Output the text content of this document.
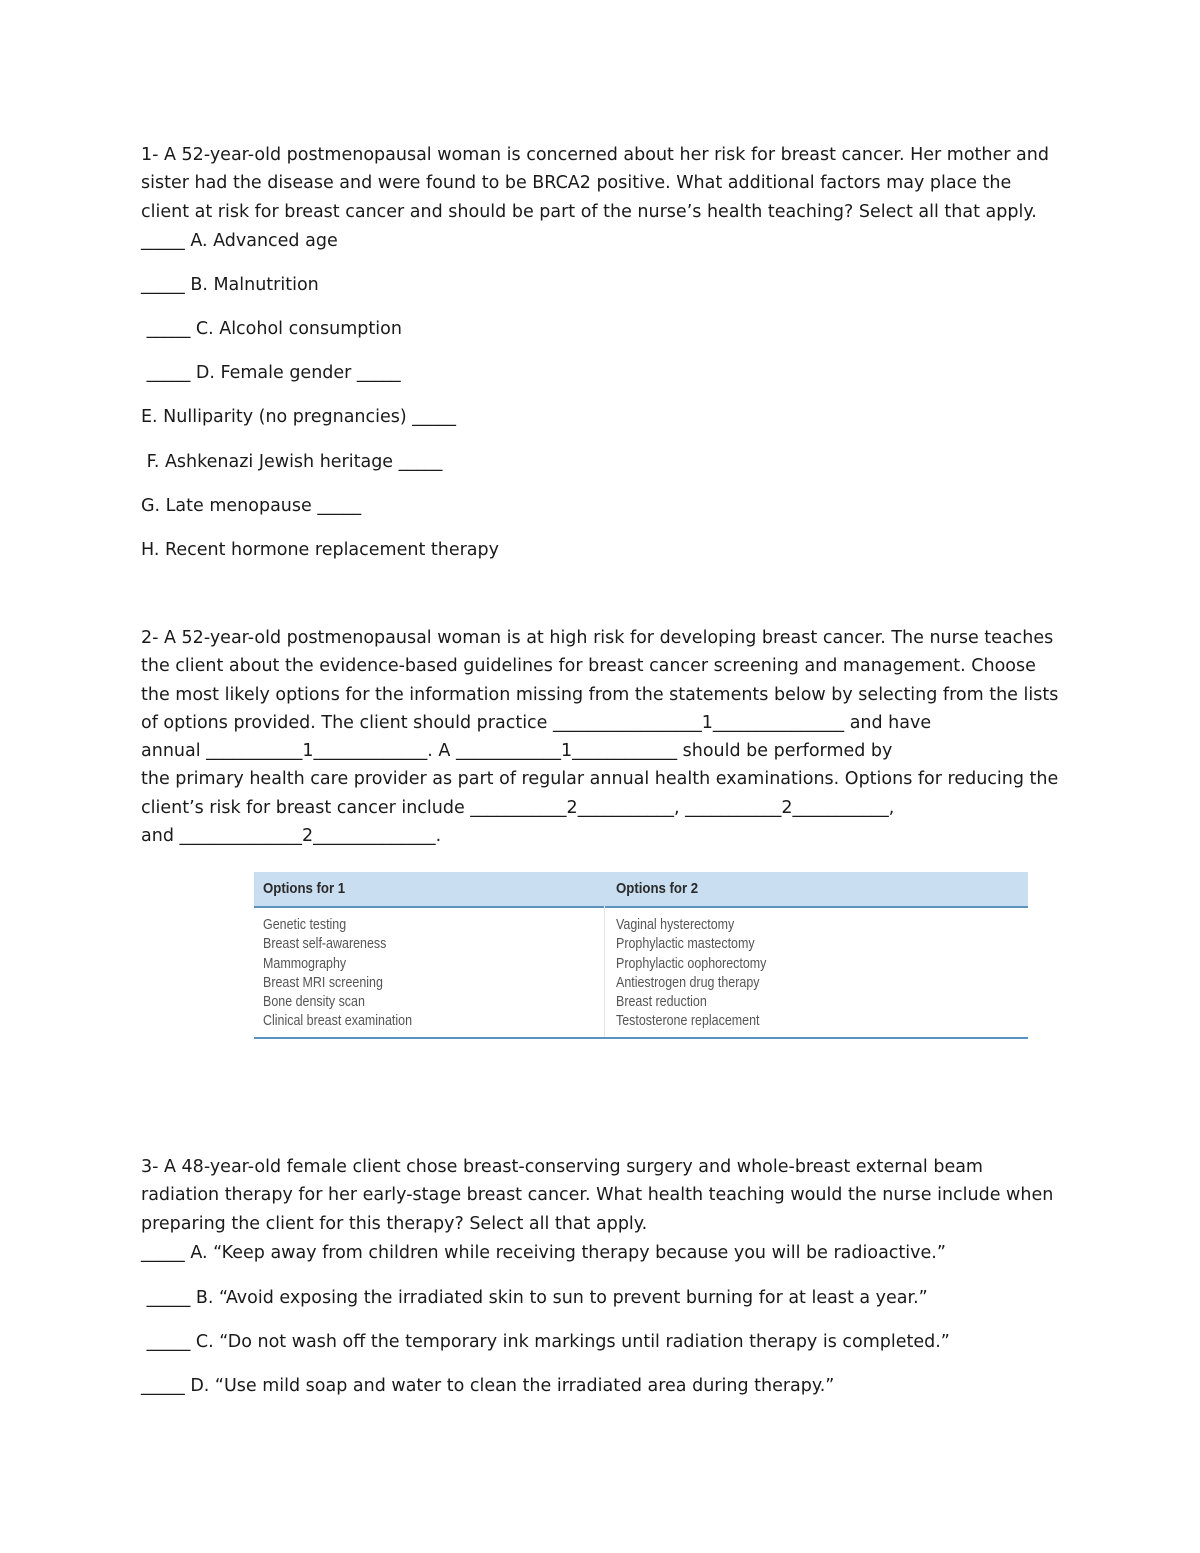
1- A 52-year-old postmenopausal woman is concerned about her risk for breast cancer. Her mother and
sister had the disease and were found to be BRCA2 positive. What additional factors may place the
client at risk for breast cancer and should be part of the nurse’s health teaching? Select all that apply.
_____ A. Advanced age
_____ B. Malnutrition
_____ C. Alcohol consumption
_____ D. Female gender _____
E. Nulliparity (no pregnancies) _____
F. Ashkenazi Jewish heritage _____
G. Late menopause _____
H. Recent hormone replacement therapy
2- A 52-year-old postmenopausal woman is at high risk for developing breast cancer. The nurse teaches
the client about the evidence-based guidelines for breast cancer screening and management. Choose
the most likely options for the information missing from the statements below by selecting from the lists
of options provided. The client should practice _________________1_______________ and have
annual ___________1_____________. A ____________1____________ should be performed by
the primary health care provider as part of regular annual health examinations. Options for reducing the
client’s risk for breast cancer include ___________2___________, ___________2___________,
and ______________2______________.
Options for 1	Options for 2
Genetic testing
Breast self-awareness
Mammography
Breast MRI screening
Bone density scan
Clinical breast examination
Vaginal hysterectomy
Prophylactic mastectomy
Prophylactic oophorectomy
Antiestrogen drug therapy
Breast reduction
Testosterone replacement
3- A 48-year-old female client chose breast-conserving surgery and whole-breast external beam
radiation therapy for her early-stage breast cancer. What health teaching would the nurse include when
preparing the client for this therapy? Select all that apply.
_____ A. “Keep away from children while receiving therapy because you will be radioactive.”
_____ B. “Avoid exposing the irradiated skin to sun to prevent burning for at least a year.”
_____ C. “Do not wash off the temporary ink markings until radiation therapy is completed.”
_____ D. “Use mild soap and water to clean the irradiated area during therapy.”
